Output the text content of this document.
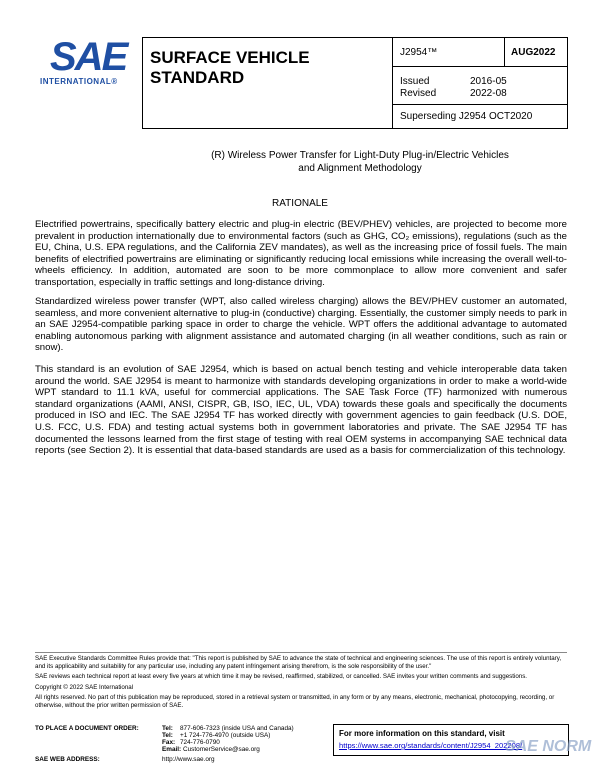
SAE
INTERNATIONAL®
SURFACE VEHICLE STANDARD
J2954™	AUG2022
Issued	2016-05
Revised	2022-08
Superseding J2954 OCT2020
(R) Wireless Power Transfer for Light-Duty Plug-in/Electric Vehicles
and Alignment Methodology
RATIONALE
Electrified powertrains, specifically battery electric and plug-in electric (BEV/PHEV) vehicles, are projected to become more prevalent in production internationally due to environmental factors (such as GHG, CO₂ emissions), regulations (such as the EU, China, U.S. EPA regulations, and the California ZEV mandates), as well as the increasing price of fossil fuels. The main benefits of electrified powertrains are eliminating or significantly reducing local emissions while increasing the overall well-to-wheels efficiency. In addition, automated are soon to be more commonplace to allow more convenient and safer transportation, especially in traffic settings and long-distance driving.
Standardized wireless power transfer (WPT, also called wireless charging) allows the BEV/PHEV customer an automated, seamless, and more convenient alternative to plug-in (conductive) charging. Essentially, the customer simply needs to park in an SAE J2954-compatible parking space in order to charge the vehicle. WPT offers the additional advantage to automated enabling autonomous parking with alignment assistance and automated charging (in all weather conditions, such as rain or snow).
This standard is an evolution of SAE J2954, which is based on actual bench testing and vehicle interoperable data taken around the world. SAE J2954 is meant to harmonize with standards developing organizations in order to make a world-wide WPT standard to 11.1 kVA, useful for commercial applications. The SAE Task Force (TF) harmonized with numerous standard organizations (AAMI, ANSI, CISPR, GB, ISO, IEC, UL, VDA) towards these goals and specifically the documents produced in ISO and IEC. The SAE J2954 TF has worked directly with government agencies to gain feedback (U.S. DOE, U.S. FCC, U.S. FDA) and testing actual systems both in government laboratories and private. The SAE J2954 TF has documented the lessons learned from the first stage of testing with real OEM systems in accompanying SAE technical data reports (see Section 2). It is essential that data-based standards are used as a basis for commercialization of this technology.

SAE Executive Standards Committee Rules provide that: "This report is published by SAE to advance the state of technical and engineering sciences. The use of this report is entirely voluntary, and its applicability and suitability for any particular use, including any patent infringement arising therefrom, is the sole responsibility of the user."

SAE reviews each technical report at least every five years at which time it may be revised, reaffirmed, stabilized, or cancelled. SAE invites your written comments and suggestions.

Copyright © 2022 SAE International

All rights reserved. No part of this publication may be reproduced, stored in a retrieval system or transmitted, in any form or by any means, electronic, mechanical, photocopying, recording, or otherwise, without the prior written permission of SAE.

TO PLACE A DOCUMENT ORDER:	Tel: 877-606-7323 (inside USA and Canada)
Tel: +1 724-776-4970 (outside USA)
Fax: 724-776-0790
Email: CustomerService@sae.org
SAE WEB ADDRESS:	http://www.sae.org
For more information on this standard, visit
https://www.sae.org/standards/content/J2954_202208/
SAE NORM
